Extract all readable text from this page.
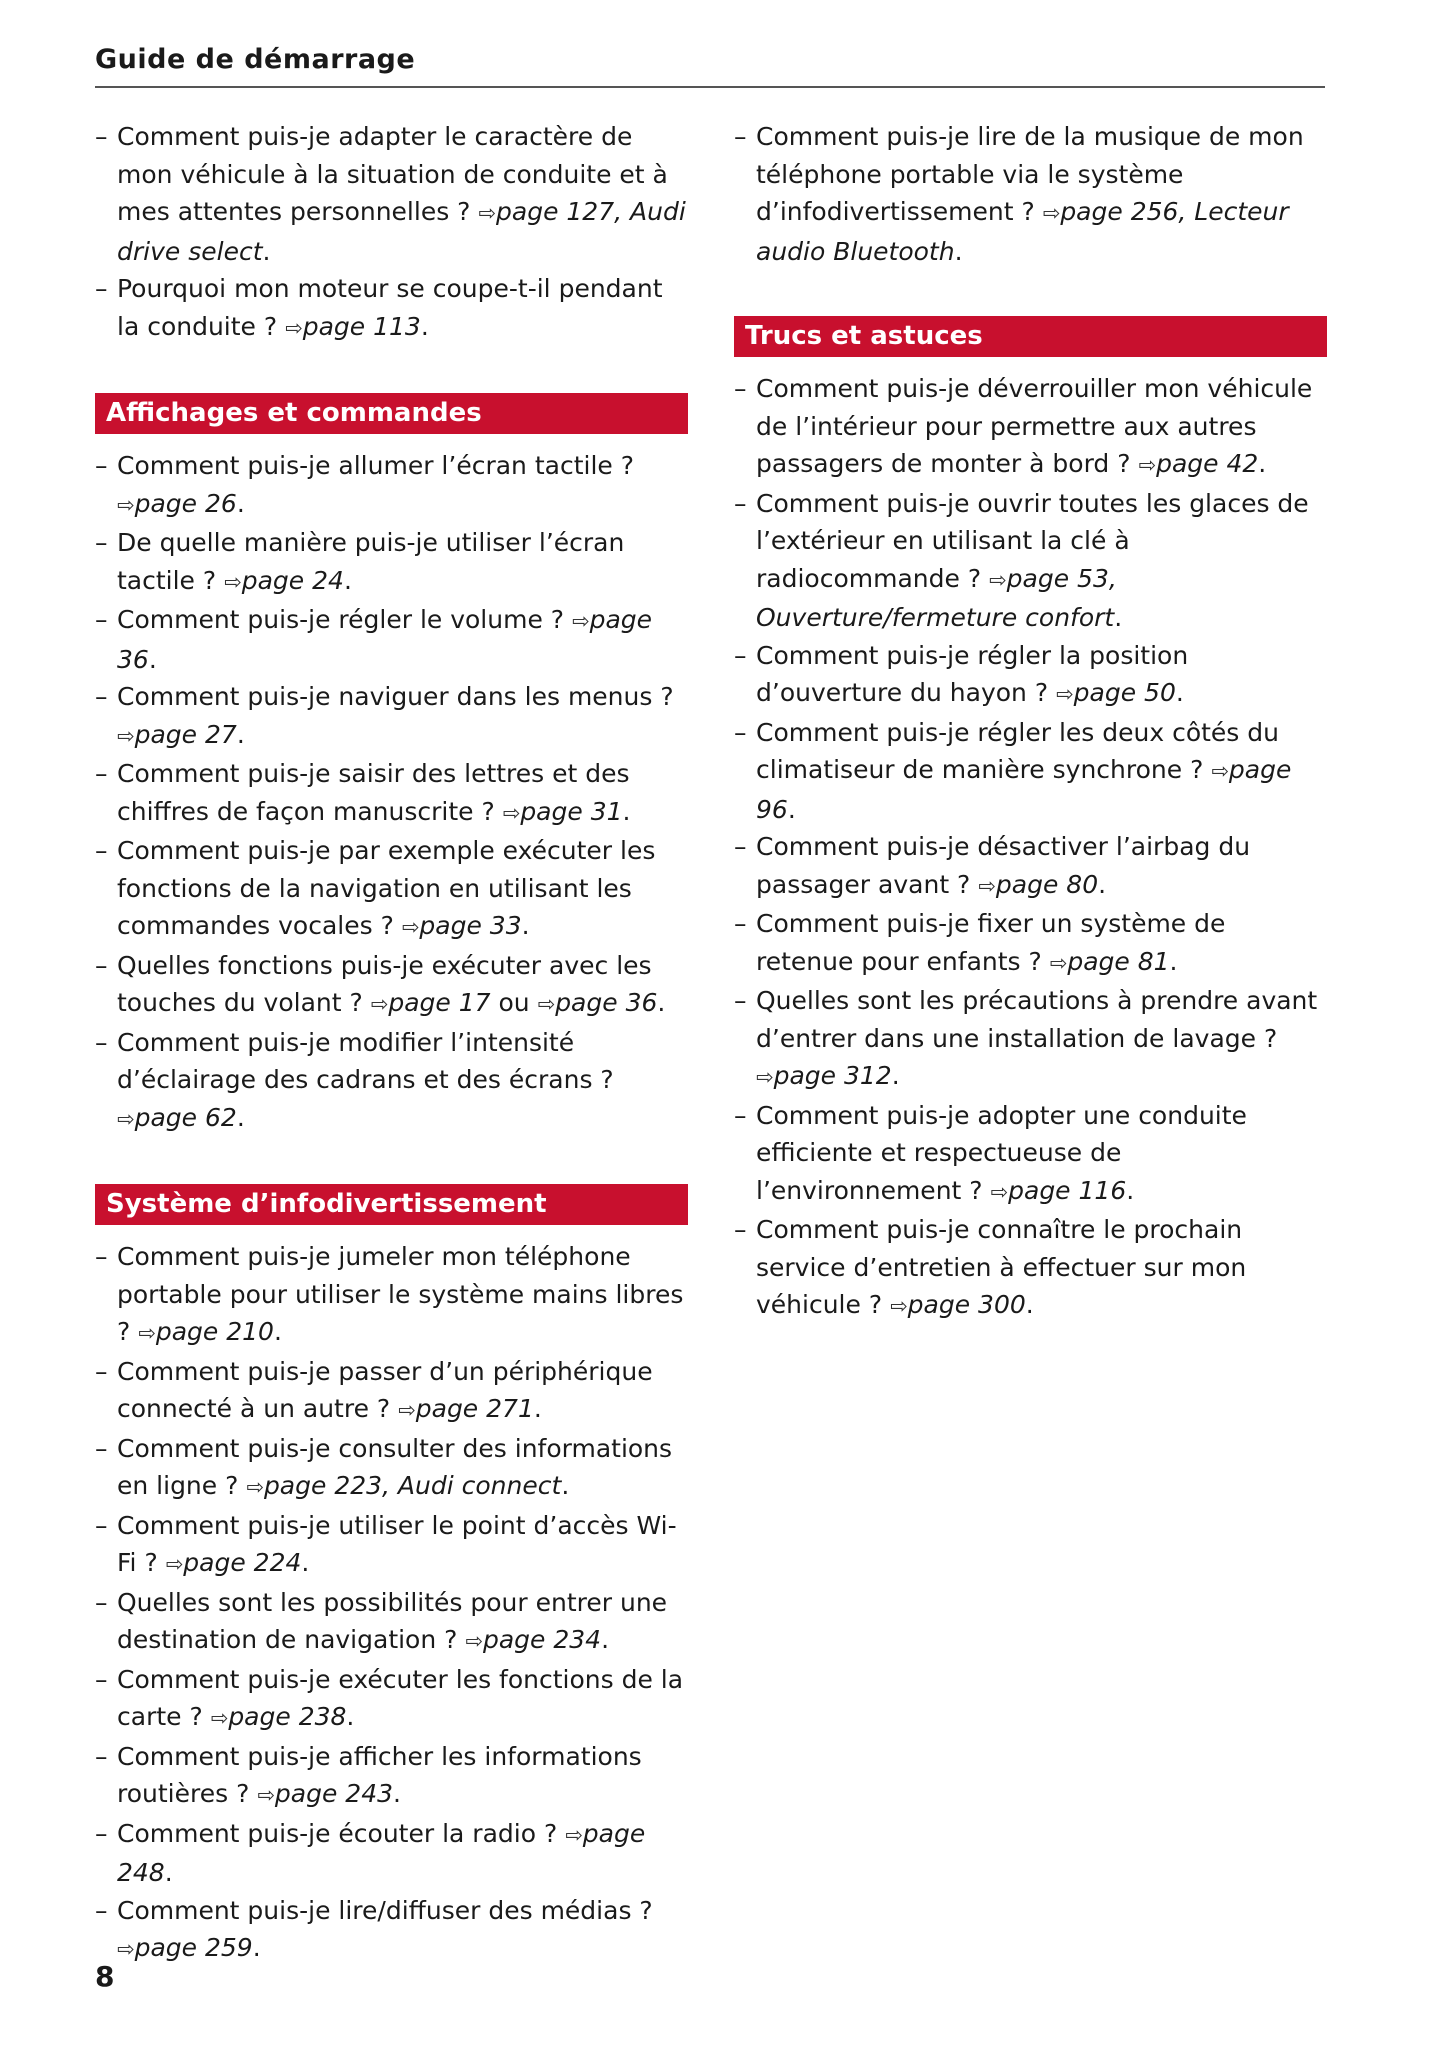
Guide de démarrage
– Comment puis-je adapter le caractère de mon véhicule à la situation de conduite et à mes attentes personnelles ? ⇨page 127, Audi drive select.
– Pourquoi mon moteur se coupe-t-il pendant la conduite ? ⇨page 113.
Affichages et commandes
– Comment puis-je allumer l’écran tactile ? ⇨page 26.
– De quelle manière puis-je utiliser l’écran tactile ? ⇨page 24.
– Comment puis-je régler le volume ? ⇨page 36.
– Comment puis-je naviguer dans les menus ? ⇨page 27.
– Comment puis-je saisir des lettres et des chiffres de façon manuscrite ? ⇨page 31.
– Comment puis-je par exemple exécuter les fonctions de la navigation en utilisant les commandes vocales ? ⇨page 33.
– Quelles fonctions puis-je exécuter avec les touches du volant ? ⇨page 17 ou ⇨page 36.
– Comment puis-je modifier l’intensité d’éclairage des cadrans et des écrans ? ⇨page 62.
Système d’infodivertissement
– Comment puis-je jumeler mon téléphone portable pour utiliser le système mains libres ? ⇨page 210.
– Comment puis-je passer d’un périphérique connecté à un autre ? ⇨page 271.
– Comment puis-je consulter des informations en ligne ? ⇨page 223, Audi connect.
– Comment puis-je utiliser le point d’accès Wi-Fi ? ⇨page 224.
– Quelles sont les possibilités pour entrer une destination de navigation ? ⇨page 234.
– Comment puis-je exécuter les fonctions de la carte ? ⇨page 238.
– Comment puis-je afficher les informations routières ? ⇨page 243.
– Comment puis-je écouter la radio ? ⇨page 248.
– Comment puis-je lire/diffuser des médias ? ⇨page 259.
– Comment puis-je lire de la musique de mon téléphone portable via le système d’infodivertissement ? ⇨page 256, Lecteur audio Bluetooth.
Trucs et astuces
– Comment puis-je déverrouiller mon véhicule de l’intérieur pour permettre aux autres passagers de monter à bord ? ⇨page 42.
– Comment puis-je ouvrir toutes les glaces de l’extérieur en utilisant la clé à radiocommande ? ⇨page 53, Ouverture/fermeture confort.
– Comment puis-je régler la position d’ouverture du hayon ? ⇨page 50.
– Comment puis-je régler les deux côtés du climatiseur de manière synchrone ? ⇨page 96.
– Comment puis-je désactiver l’airbag du passager avant ? ⇨page 80.
– Comment puis-je fixer un système de retenue pour enfants ? ⇨page 81.
– Quelles sont les précautions à prendre avant d’entrer dans une installation de lavage ? ⇨page 312.
– Comment puis-je adopter une conduite efficiente et respectueuse de l’environnement ? ⇨page 116.
– Comment puis-je connaître le prochain service d’entretien à effectuer sur mon véhicule ? ⇨page 300.
8
